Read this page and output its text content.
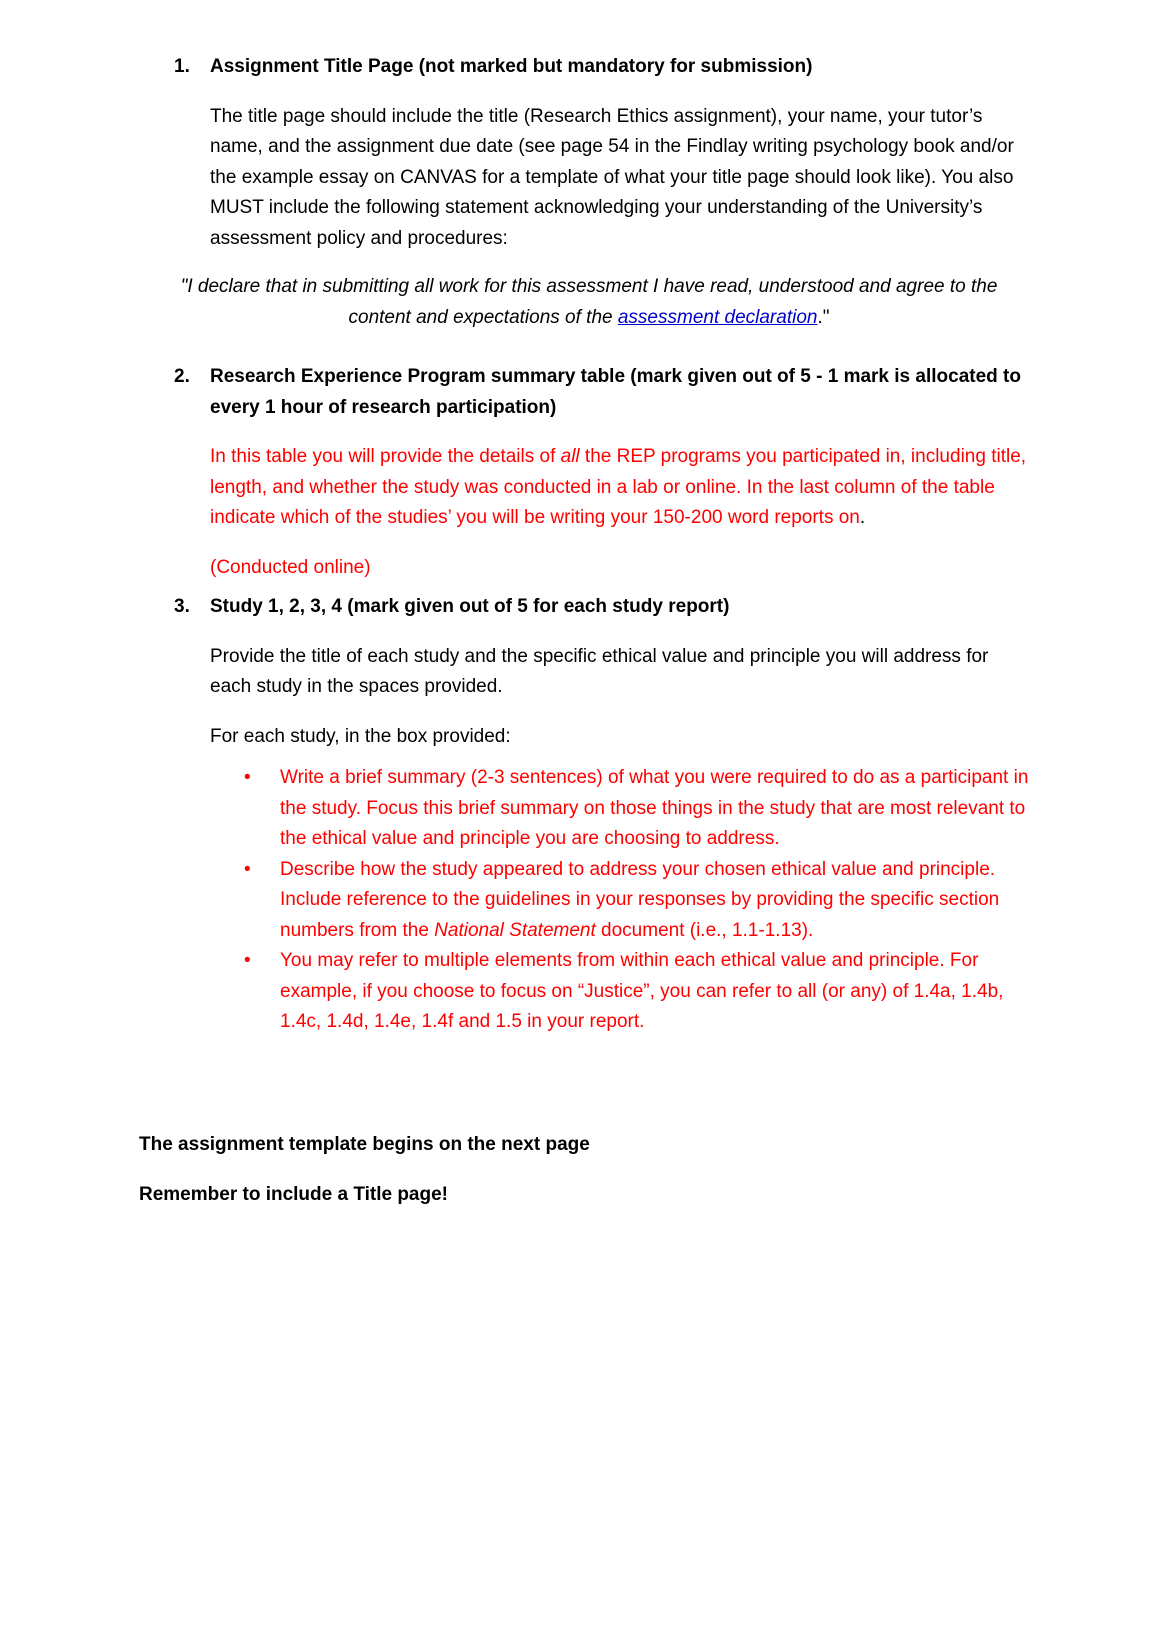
1. Assignment Title Page (not marked but mandatory for submission)
The title page should include the title (Research Ethics assignment), your name, your tutor’s name, and the assignment due date (see page 54 in the Findlay writing psychology book and/or the example essay on CANVAS for a template of what your title page should look like). You also MUST include the following statement acknowledging your understanding of the University’s assessment policy and procedures:
"I declare that in submitting all work for this assessment I have read, understood and agree to the content and expectations of the assessment declaration."
2. Research Experience Program summary table (mark given out of 5 - 1 mark is allocated to every 1 hour of research participation)
In this table you will provide the details of all the REP programs you participated in, including title, length, and whether the study was conducted in a lab or online. In the last column of the table indicate which of the studies’ you will be writing your 150-200 word reports on.
(Conducted online)
3. Study 1, 2, 3, 4 (mark given out of 5 for each study report)
Provide the title of each study and the specific ethical value and principle you will address for each study in the spaces provided.
For each study, in the box provided:
• Write a brief summary (2-3 sentences) of what you were required to do as a participant in the study. Focus this brief summary on those things in the study that are most relevant to the ethical value and principle you are choosing to address.
• Describe how the study appeared to address your chosen ethical value and principle. Include reference to the guidelines in your responses by providing the specific section numbers from the National Statement document (i.e., 1.1-1.13).
• You may refer to multiple elements from within each ethical value and principle. For example, if you choose to focus on “Justice”, you can refer to all (or any) of 1.4a, 1.4b, 1.4c, 1.4d, 1.4e, 1.4f and 1.5 in your report.
The assignment template begins on the next page
Remember to include a Title page!
